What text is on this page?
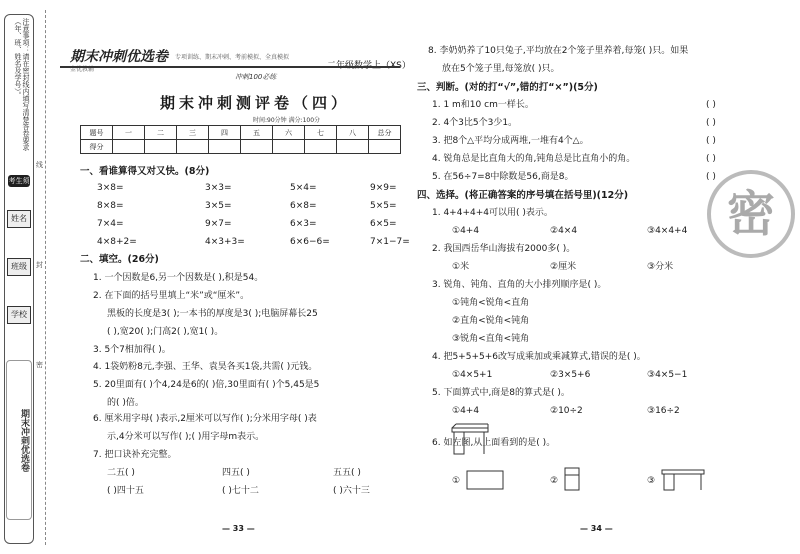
注意事项：请在密封线内填写清楚答卷要求（年、班、姓名及学号）。
考生须知
姓名
班级
学校
期末冲刺优选卷
线
封
密
期末冲刺优选卷
金优教辅
专项训练、期末冲刺、考前模拟、全真模拟
二年级数学上（XS）
冲刺100必练
期末冲刺测评卷（四）
时间:90分钟 满分:100分
题号	一	二	三	四	五	六	七	八	总分
得分									
一、看谁算得又对又快。(8分)
3×8=	3×3=	5×4=	9×9=
8×8=	3×5=	6×8=	5×5=
7×4=	9×7=	6×3=	6×5=
4×8+2=	4×3+3=	6×6−6=	7×1−7=
二、填空。(26分)
1. 一个因数是6,另一个因数是( ),积是54。
2. 在下面的括号里填上“米”或“厘米”。
黑板的长度是3( );一本书的厚度是3( );电脑屏幕长25
( ),宽20( );门高2( ),宽1( )。
3. 5个7相加得( )。
4. 1袋奶粉8元,李强、王华、袁昊各买1袋,共需( )元钱。
5. 20里面有( )个4,24是6的( )倍,30里面有( )个5,45是5
的( )倍。
6. 厘米用字母( )表示,2厘米可以写作( );分米用字母( )表
示,4分米可以写作( );( )用字母m表示。
7. 把口诀补充完整。
二五( )	四五( )	五五( )
( )四十五	( )七十二	( )六十三
— 33 —
8. 李奶奶养了10只兔子,平均放在2个笼子里养着,每笼( )只。如果
放在5个笼子里,每笼放( )只。
三、判断。(对的打“√”,错的打“×”)(5分)
1. 1 m和10 cm一样长。	( )
2. 4个3比5个3少1。	( )
3. 把8个△平均分成两堆,一堆有4个△。	( )
4. 锐角总是比直角大的角,钝角总是比直角小的角。	( )
5. 在56÷7=8中除数是56,商是8。	( )
密
四、选择。(将正确答案的序号填在括号里)(12分)
1. 4+4+4+4可以用( )表示。
①4+4	②4×4	③4×4+4
2. 我国西岳华山海拔有2000多( )。
①米	②厘米	③分米
3. 锐角、钝角、直角的大小排列顺序是( )。
①钝角<锐角<直角
②直角<锐角<钝角
③锐角<直角<钝角
4. 把5+5+5+6改写成乘加或乘减算式,错误的是( )。
①4×5+1	②3×5+6	③4×5−1
5. 下面算式中,商是8的算式是( )。
①4+4	②10÷2	③16÷2
6. 如左图,从上面看到的是( )。
①	②	③
— 34 —
